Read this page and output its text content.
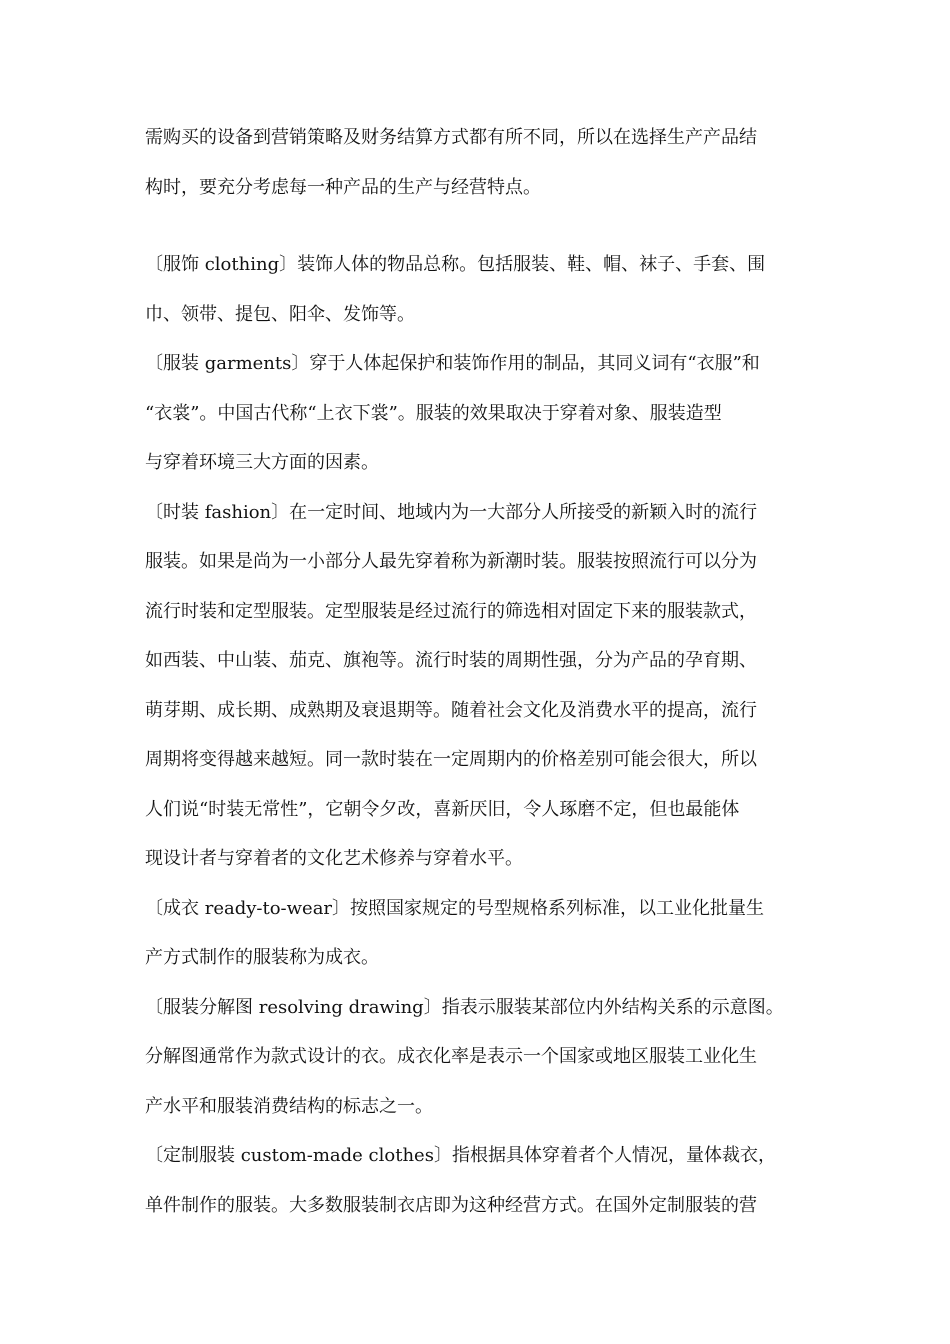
需购买的设备到营销策略及财务结算方式都有所不同，所以在选择生产产品结
构时，要充分考虑每一种产品的生产与经营特点。

〔服饰 clothing〕装饰人体的物品总称。包括服装、鞋、帽、袜子、手套、围
巾、领带、提包、阳伞、发饰等。

〔服装 garments〕穿于人体起保护和装饰作用的制品，其同义词有“衣服”和
“衣裳”。中国古代称“上衣下裳”。服装的效果取决于穿着对象、服装造型
与穿着环境三大方面的因素。

〔时装 fashion〕在一定时间、地域内为一大部分人所接受的新颖入时的流行
服装。如果是尚为一小部分人最先穿着称为新潮时装。服装按照流行可以分为
流行时装和定型服装。定型服装是经过流行的筛选相对固定下来的服装款式，
如西装、中山装、茄克、旗袍等。流行时装的周期性强，分为产品的孕育期、
萌芽期、成长期、成熟期及衰退期等。随着社会文化及消费水平的提高，流行
周期将变得越来越短。同一款时装在一定周期内的价格差别可能会很大，所以
人们说“时装无常性”，它朝令夕改，喜新厌旧，令人琢磨不定，但也最能体
现设计者与穿着者的文化艺术修养与穿着水平。

〔成衣 ready-to-wear〕按照国家规定的号型规格系列标准，以工业化批量生
产方式制作的服装称为成衣。

〔服装分解图 resolving drawing〕指表示服装某部位内外结构关系的示意图。
分解图通常作为款式设计的衣。成衣化率是表示一个国家或地区服装工业化生
产水平和服装消费结构的标志之一。

〔定制服装 custom-made clothes〕指根据具体穿着者个人情况，量体裁衣，
单件制作的服装。大多数服装制衣店即为这种经营方式。在国外定制服装的营
